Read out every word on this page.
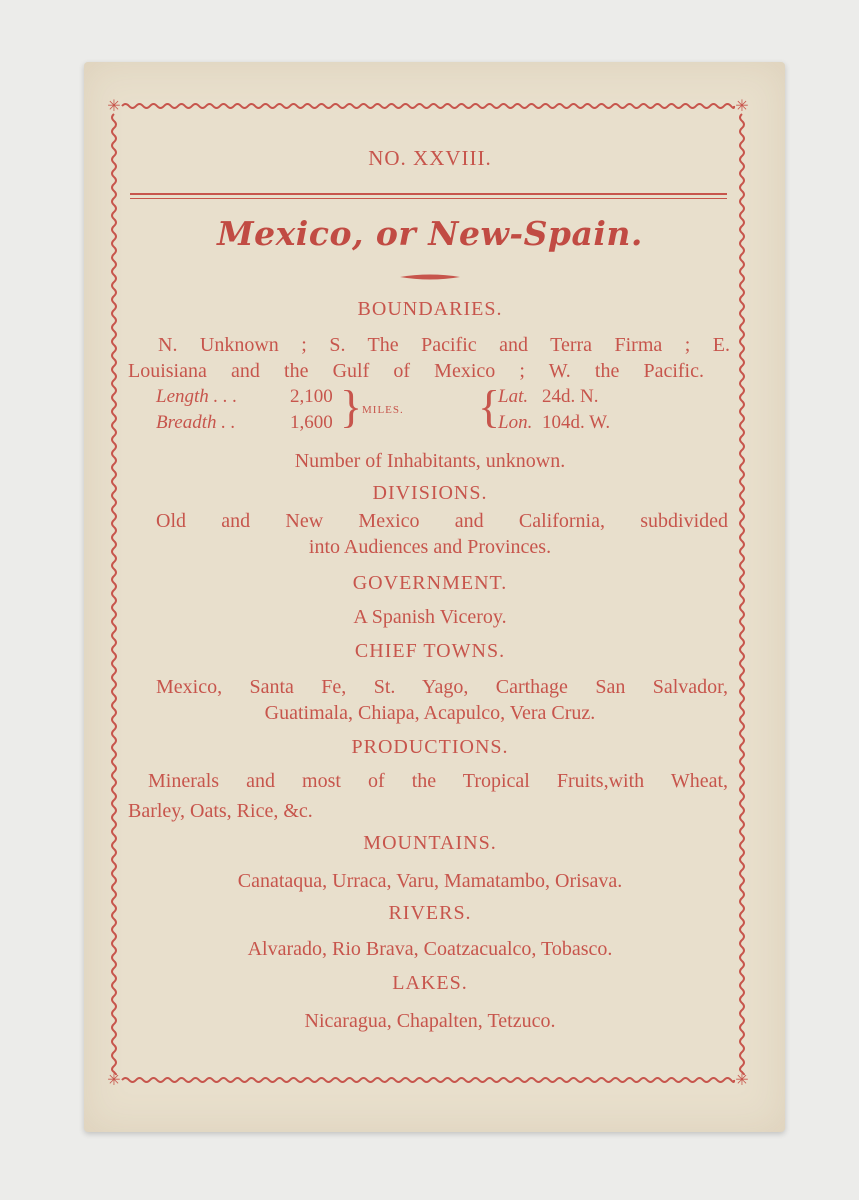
✳	✳
✳	✳
NO. XXVIII.
Mexico, or New-Spain.
BOUNDARIES.
N. Unknown ; S. The Pacific and Terra Firma ; E.
Louisiana and the Gulf of Mexico ; W. the Pacific.
Length . . .	2,100
Breadth . .	1,600 } MILES. {
Lat. 24d. N.
Lon. 104d. W.
Number of Inhabitants, unknown.
DIVISIONS.
Old and New Mexico and California, subdivided
into Audiences and Provinces.
GOVERNMENT.
A Spanish Viceroy.
CHIEF TOWNS.
Mexico, Santa Fe, St. Yago, Carthage San Salvador,
Guatimala, Chiapa, Acapulco, Vera Cruz.
PRODUCTIONS.
Minerals and most of the Tropical Fruits,with Wheat,
Barley, Oats, Rice, &c.
MOUNTAINS.
Canataqua, Urraca, Varu, Mamatambo, Orisava.
RIVERS.
Alvarado, Rio Brava, Coatzacualco, Tobasco.
LAKES.
Nicaragua, Chapalten, Tetzuco.
